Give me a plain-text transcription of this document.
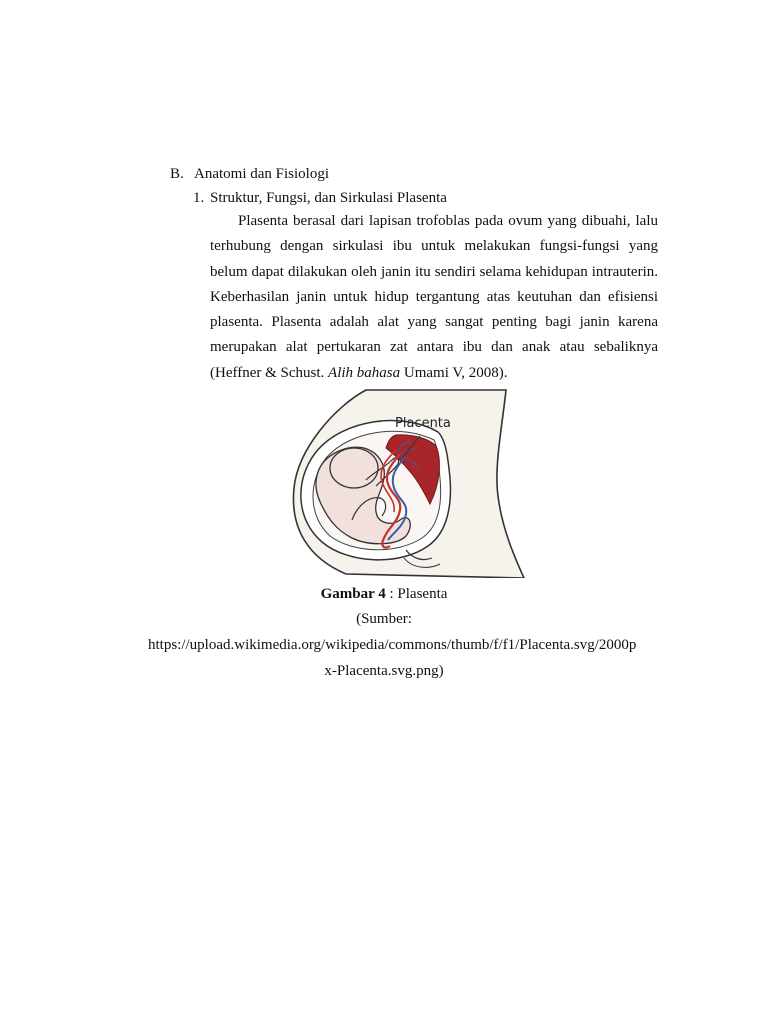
B. Anatomi dan Fisiologi
1. Struktur, Fungsi, dan Sirkulasi Plasenta

Plasenta berasal dari lapisan trofoblas pada ovum yang dibuahi, lalu terhubung dengan sirkulasi ibu untuk melakukan fungsi-fungsi yang belum dapat dilakukan oleh janin itu sendiri selama kehidupan intrauterin. Keberhasilan janin untuk hidup tergantung atas keutuhan dan efisiensi plasenta. Plasenta adalah alat yang sangat penting bagi janin karena merupakan alat pertukaran zat antara ibu dan anak atau sebaliknya (Heffner & Schust. Alih bahasa Umami V, 2008).

Placenta
Gambar 4 : Plasenta
(Sumber:
https://upload.wikimedia.org/wikipedia/commons/thumb/f/f1/Placenta.svg/2000p
x-Placenta.svg.png)
